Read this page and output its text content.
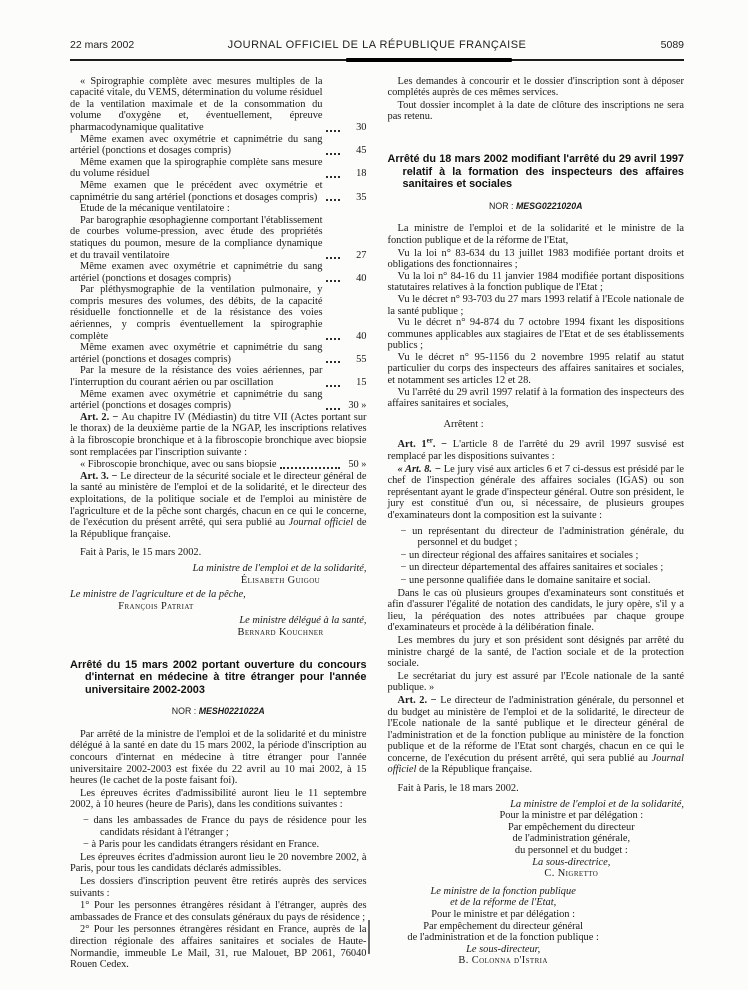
22 mars 2002	JOURNAL OFFICIEL DE LA RÉPUBLIQUE FRANÇAISE	5089
« Spirographie complète avec mesures multiples de la capacité vitale, du VEMS, détermination du volume résiduel de la ventilation maximale et de la consommation du volume d'oxygène et, éventuellement, épreuve pharmacodynamique qualitative	30
Même examen avec oxymétrie et capnimétrie du sang artériel (ponctions et dosages compris)	45
Même examen que la spirographie complète sans mesure du volume résiduel	18
Même examen que le précédent avec oxymétrie et capnimétrie du sang artériel (ponctions et dosages compris)	35

Etude de la mécanique ventilatoire :

Par barographie œsophagienne comportant l'établissement de courbes volume-pression, avec étude des propriétés statiques du poumon, mesure de la compliance dynamique et du travail ventilatoire	27
Même examen avec oxymétrie et capnimétrie du sang artériel (ponctions et dosages compris)	40
Par pléthysmographie de la ventilation pulmonaire, y compris mesures des volumes, des débits, de la capacité résiduelle fonctionnelle et de la résistance des voies aériennes, y compris éventuellement la spirographie complète	40
Même examen avec oxymétrie et capnimétrie du sang artériel (ponctions et dosages compris)	55
Par la mesure de la résistance des voies aériennes, par l'interruption du courant aérien ou par oscillation	15
Même examen avec oxymétrie et capnimétrie du sang artériel (ponctions et dosages compris)	30 »

Art. 2. − Au chapitre IV (Médiastin) du titre VII (Actes portant sur le thorax) de la deuxième partie de la NGAP, les inscriptions relatives à la fibroscopie bronchique et à la fibroscopie bronchique avec biopsie sont remplacées par l'inscription suivante :

« Fibroscopie bronchique, avec ou sans biopsie	50 »

Art. 3. − Le directeur de la sécurité sociale et le directeur général de la santé au ministère de l'emploi et de la solidarité, et le directeur des exploitations, de la politique sociale et de l'emploi au ministère de l'agriculture et de la pêche sont chargés, chacun en ce qui le concerne, de l'exécution du présent arrêté, qui sera publié au Journal officiel de la République française.

Fait à Paris, le 15 mars 2002.

La ministre de l'emploi et de la solidarité,
Élisabeth Guigou
Le ministre de l'agriculture et de la pêche,
François Patriat
Le ministre délégué à la santé,
Bernard Kouchner
Arrêté du 15 mars 2002 portant ouverture du concours d'internat en médecine à titre étranger pour l'année universitaire 2002-2003
NOR : MESH0221022A

Par arrêté de la ministre de l'emploi et de la solidarité et du ministre délégué à la santé en date du 15 mars 2002, la période d'inscription au concours d'internat en médecine à titre étranger pour l'année universitaire 2002-2003 est fixée du 22 avril au 10 mai 2002, à 15 heures (le cachet de la poste faisant foi).

Les épreuves écrites d'admissibilité auront lieu le 11 septembre 2002, à 10 heures (heure de Paris), dans les conditions suivantes :

− dans les ambassades de France du pays de résidence pour les candidats résidant à l'étranger ;
− à Paris pour les candidats étrangers résidant en France.

Les épreuves écrites d'admission auront lieu le 20 novembre 2002, à Paris, pour tous les candidats déclarés admissibles.

Les dossiers d'inscription peuvent être retirés auprès des services suivants :

1° Pour les personnes étrangères résidant à l'étranger, auprès des ambassades de France et des consulats généraux du pays de résidence ;

2° Pour les personnes étrangères résidant en France, auprès de la direction régionale des affaires sanitaires et sociales de Haute-Normandie, immeuble Le Mail, 31, rue Malouet, BP 2061, 76040 Rouen Cedex.

Les demandes à concourir et le dossier d'inscription sont à déposer complétés auprès de ces mêmes services.

Tout dossier incomplet à la date de clôture des inscriptions ne sera pas retenu.

Arrêté du 18 mars 2002 modifiant l'arrêté du 29 avril 1997 relatif à la formation des inspecteurs des affaires sanitaires et sociales
NOR : MESG0221020A

La ministre de l'emploi et de la solidarité et le ministre de la fonction publique et de la réforme de l'Etat,

Vu la loi n° 83-634 du 13 juillet 1983 modifiée portant droits et obligations des fonctionnaires ;

Vu la loi n° 84-16 du 11 janvier 1984 modifiée portant dispositions statutaires relatives à la fonction publique de l'Etat ;

Vu le décret n° 93-703 du 27 mars 1993 relatif à l'Ecole nationale de la santé publique ;

Vu le décret n° 94-874 du 7 octobre 1994 fixant les dispositions communes applicables aux stagiaires de l'Etat et de ses établissements publics ;

Vu le décret n° 95-1156 du 2 novembre 1995 relatif au statut particulier du corps des inspecteurs des affaires sanitaires et sociales, et notamment ses articles 12 et 28.

Vu l'arrêté du 29 avril 1997 relatif à la formation des inspecteurs des affaires sanitaires et sociales,

Arrêtent :

Art. 1er. − L'article 8 de l'arrêté du 29 avril 1997 susvisé est remplacé par les dispositions suivantes :

« Art. 8. − Le jury visé aux articles 6 et 7 ci-dessus est présidé par le chef de l'inspection générale des affaires sociales (IGAS) ou son représentant ayant le grade d'inspecteur général. Outre son président, le jury est constitué d'un ou, si nécessaire, de plusieurs groupes d'examinateurs dont la composition est la suivante :

− un représentant du directeur de l'administration générale, du personnel et du budget ;
− un directeur régional des affaires sanitaires et sociales ;
− un directeur départemental des affaires sanitaires et sociales ;
− une personne qualifiée dans le domaine sanitaire et social.

Dans le cas où plusieurs groupes d'examinateurs sont constitués et afin d'assurer l'égalité de notation des candidats, le jury opère, s'il y a lieu, la péréquation des notes attribuées par chaque groupe d'examinateurs et procède à la délibération finale.

Les membres du jury et son président sont désignés par arrêté du ministre chargé de la santé, de l'action sociale et de la protection sociale.

Le secrétariat du jury est assuré par l'Ecole nationale de la santé publique. »

Art. 2. − Le directeur de l'administration générale, du personnel et du budget au ministère de l'emploi et de la solidarité, le directeur de l'Ecole nationale de la santé publique et le directeur général de l'administration et de la fonction publique au ministère de la fonction publique et de la réforme de l'Etat sont chargés, chacun en ce qui le concerne, de l'exécution du présent arrêté, qui sera publié au Journal officiel de la République française.

Fait à Paris, le 18 mars 2002.

La ministre de l'emploi et de la solidarité,
Pour la ministre et par délégation :
Par empêchement du directeur
de l'administration générale,
du personnel et du budget :
La sous-directrice,
C. Nigretto
Le ministre de la fonction publique
et de la réforme de l'Etat,
Pour le ministre et par délégation :
Par empêchement du directeur général
de l'administration et de la fonction publique :
Le sous-directeur,
B. Colonna d'Istria
